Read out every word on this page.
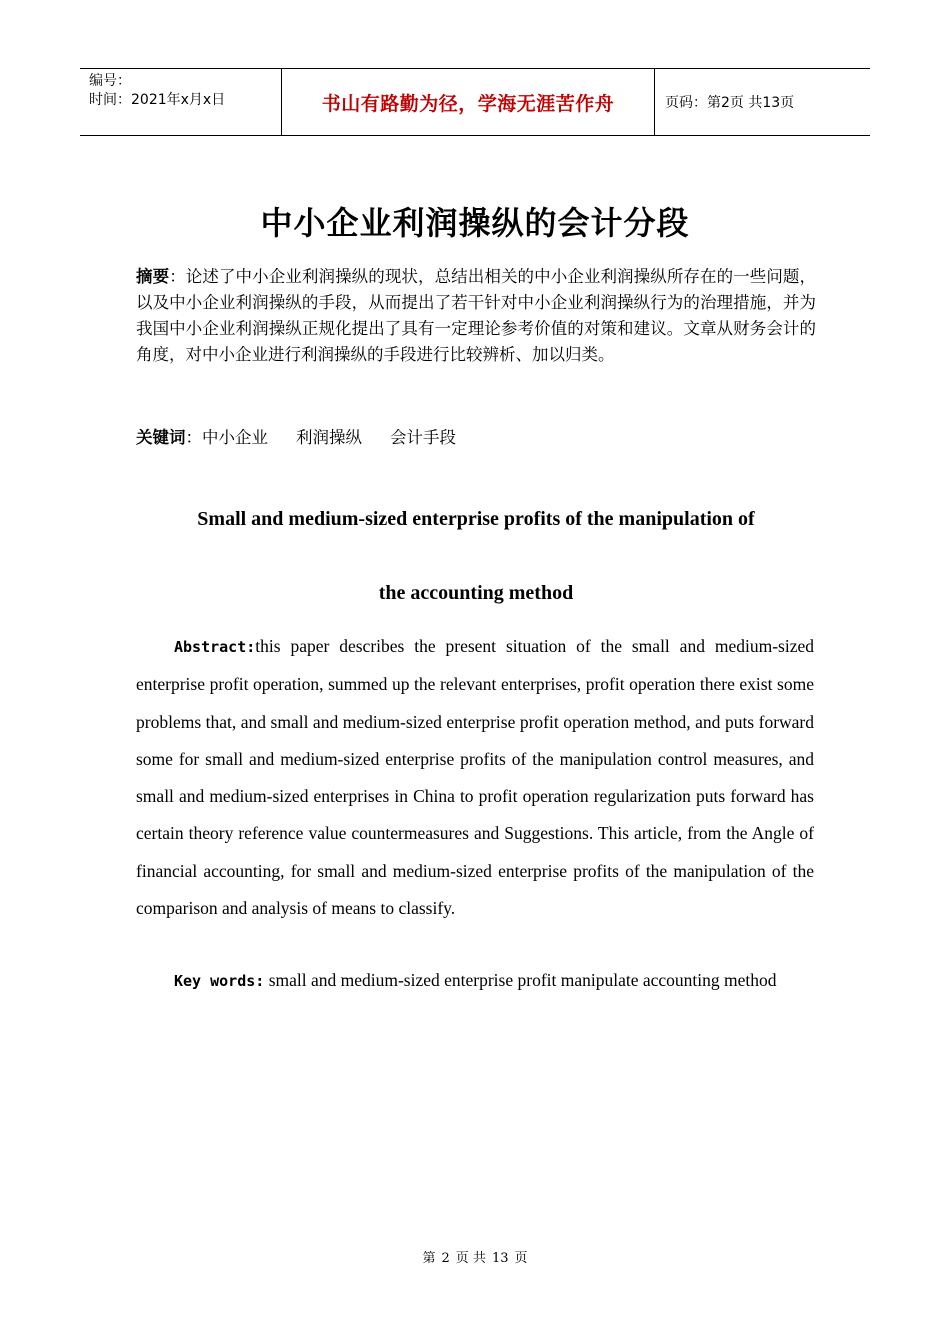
编号：
时间：2021年x月x日	书山有路勤为径，学海无涯苦作舟	页码：第2页 共13页
中小企业利润操纵的会计分段
摘要：论述了中小企业利润操纵的现状，总结出相关的中小企业利润操纵所存在的一些问题，以及中小企业利润操纵的手段，从而提出了若干针对中小企业利润操纵行为的治理措施，并为我国中小企业利润操纵正规化提出了具有一定理论参考价值的对策和建议。文章从财务会计的角度，对中小企业进行利润操纵的手段进行比较辨析、加以归类。
关键词：中小企业 利润操纵 会计手段
Small and medium-sized enterprise profits of the manipulation of
the accounting method
Abstract:this paper describes the present situation of the small and medium-sized enterprise profit operation, summed up the relevant enterprises, profit operation there exist some problems that, and small and medium-sized enterprise profit operation method, and puts forward some for small and medium-sized enterprise profits of the manipulation control measures, and small and medium-sized enterprises in China to profit operation regularization puts forward has certain theory reference value countermeasures and Suggestions. This article, from the Angle of financial accounting, for small and medium-sized enterprise profits of the manipulation of the comparison and analysis of means to classify.
Key words: small and medium-sized enterprise profit manipulate accounting method
第 2 页 共 13 页
